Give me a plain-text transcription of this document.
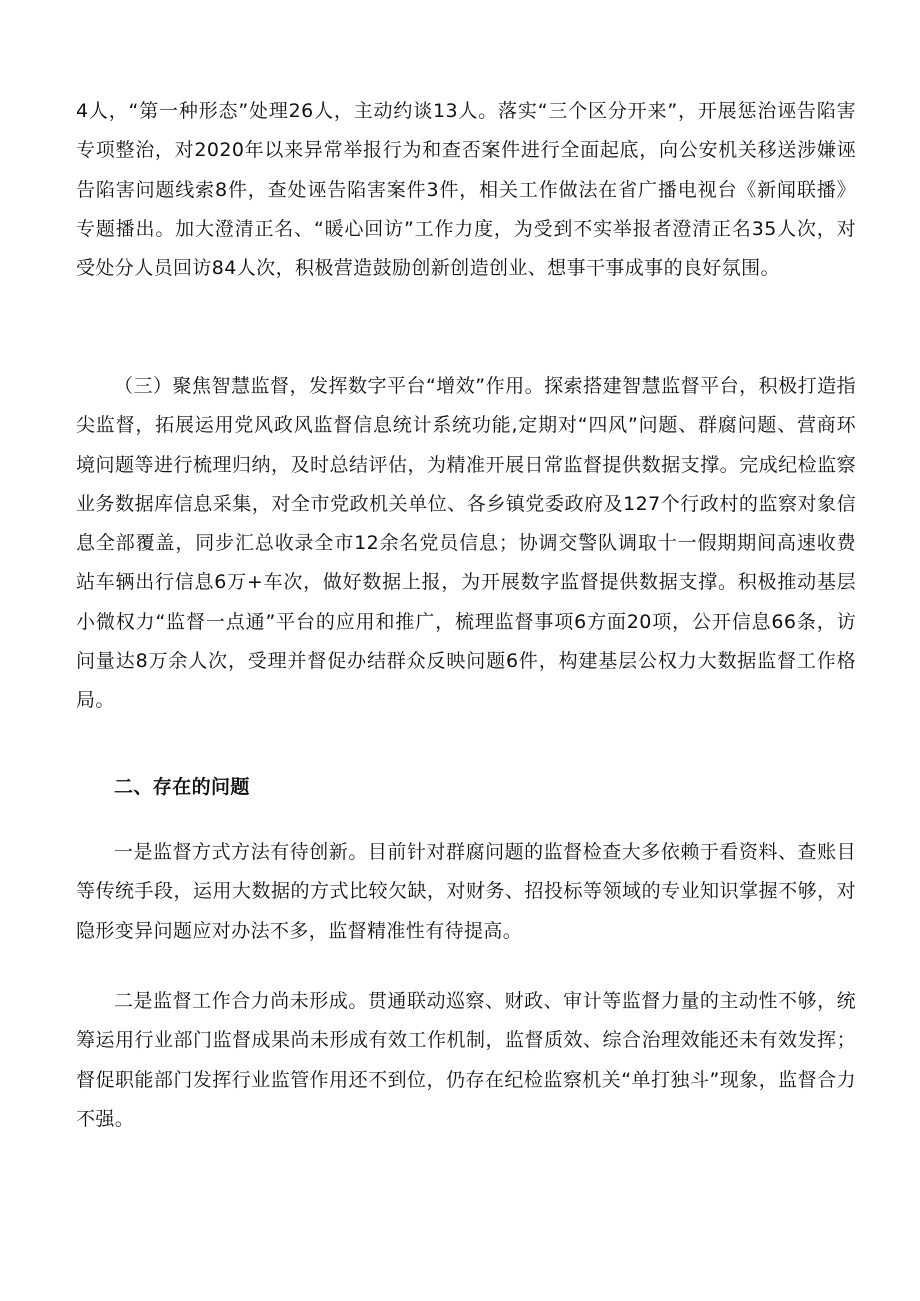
4人，“第一种形态”处理26人，主动约谈13人。落实“三个区分开来”，开展惩治诬告陷害专项整治，对2020年以来异常举报行为和查否案件进行全面起底，向公安机关移送涉嫌诬告陷害问题线索8件，查处诬告陷害案件3件，相关工作做法在省广播电视台《新闻联播》专题播出。加大澄清正名、“暖心回访”工作力度，为受到不实举报者澄清正名35人次，对受处分人员回访84人次，积极营造鼓励创新创造创业、想事干事成事的良好氛围。

（三）聚焦智慧监督，发挥数字平台“增效”作用。探索搭建智慧监督平台，积极打造指尖监督，拓展运用党风政风监督信息统计系统功能,定期对“四风”问题、群腐问题、营商环境问题等进行梳理归纳，及时总结评估，为精准开展日常监督提供数据支撑。完成纪检监察业务数据库信息采集，对全市党政机关单位、各乡镇党委政府及127个行政村的监察对象信息全部覆盖，同步汇总收录全市12余名党员信息；协调交警队调取十一假期期间高速收费站车辆出行信息6万+车次，做好数据上报，为开展数字监督提供数据支撑。积极推动基层小微权力“监督一点通”平台的应用和推广，梳理监督事项6方面20项，公开信息66条，访问量达8万余人次，受理并督促办结群众反映问题6件，构建基层公权力大数据监督工作格局。

二、存在的问题

一是监督方式方法有待创新。目前针对群腐问题的监督检查大多依赖于看资料、查账目等传统手段，运用大数据的方式比较欠缺，对财务、招投标等领域的专业知识掌握不够，对隐形变异问题应对办法不多，监督精准性有待提高。

二是监督工作合力尚未形成。贯通联动巡察、财政、审计等监督力量的主动性不够，统筹运用行业部门监督成果尚未形成有效工作机制，监督质效、综合治理效能还未有效发挥；督促职能部门发挥行业监管作用还不到位，仍存在纪检监察机关“单打独斗”现象，监督合力不强。
